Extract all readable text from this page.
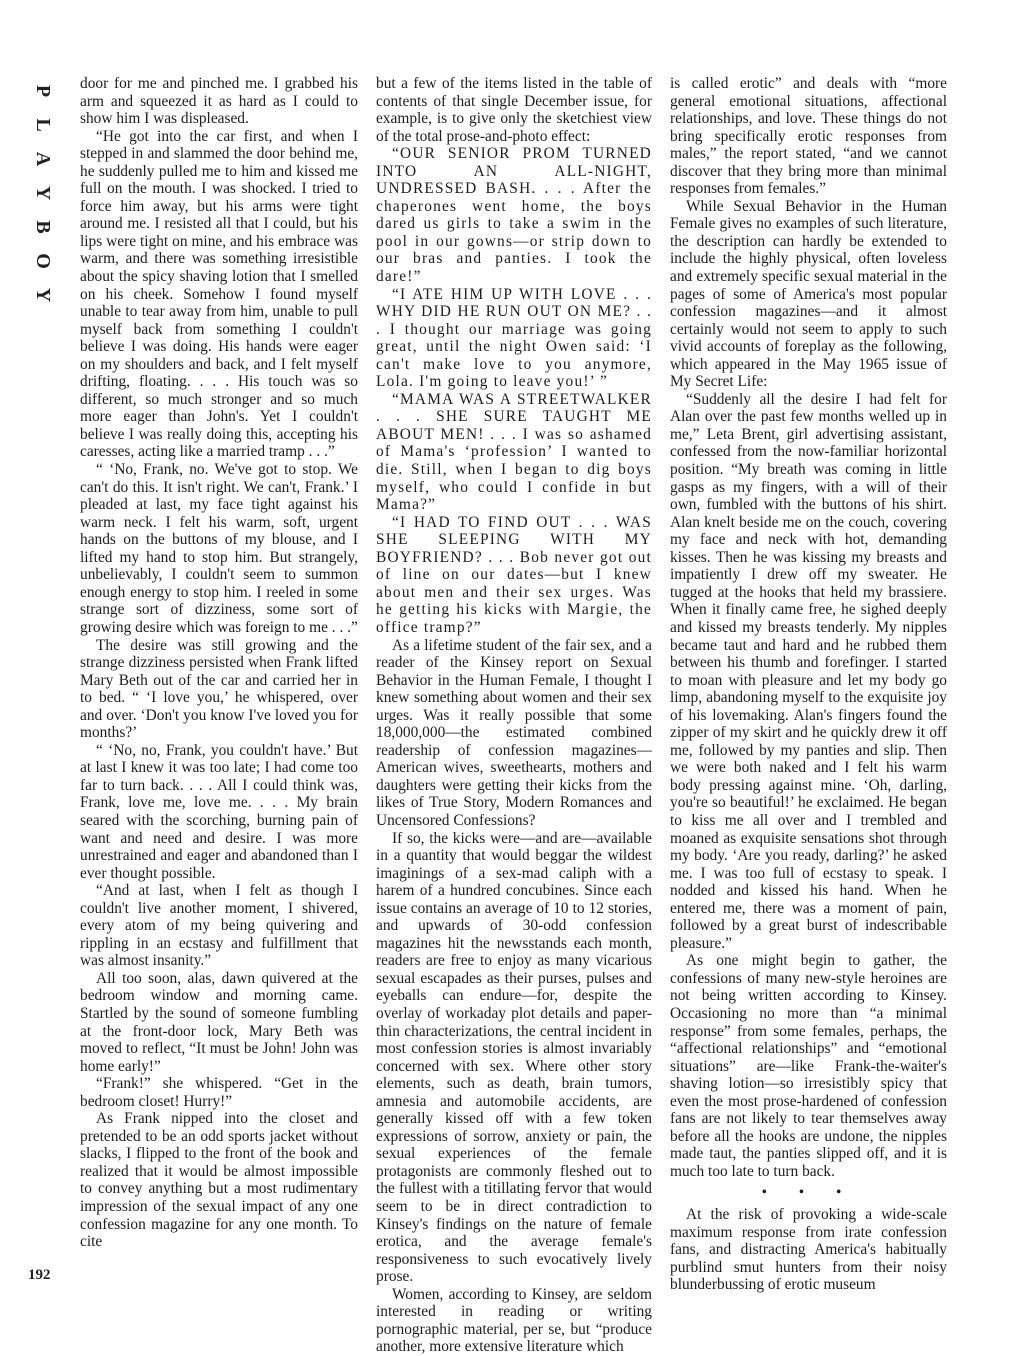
P
L
A
Y
B
O
Y
192

door for me and pinched me. I grabbed his arm and squeezed it as hard as I could to show him I was displeased.

“He got into the car first, and when I stepped in and slammed the door behind me, he suddenly pulled me to him and kissed me full on the mouth. I was shocked. I tried to force him away, but his arms were tight around me. I resisted all that I could, but his lips were tight on mine, and his embrace was warm, and there was something irresistible about the spicy shaving lotion that I smelled on his cheek. Somehow I found myself unable to tear away from him, unable to pull myself back from something I couldn't believe I was doing. His hands were eager on my shoulders and back, and I felt myself drifting, floating. . . . His touch was so different, so much stronger and so much more eager than John's. Yet I couldn't believe I was really doing this, accepting his caresses, acting like a married tramp . . .”

“ ‘No, Frank, no. We've got to stop. We can't do this. It isn't right. We can't, Frank.’ I pleaded at last, my face tight against his warm neck. I felt his warm, soft, urgent hands on the buttons of my blouse, and I lifted my hand to stop him. But strangely, unbelievably, I couldn't seem to summon enough energy to stop him. I reeled in some strange sort of dizziness, some sort of growing desire which was foreign to me . . .”

The desire was still growing and the strange dizziness persisted when Frank lifted Mary Beth out of the car and carried her in to bed. “ ‘I love you,’ he whispered, over and over. ‘Don't you know I've loved you for months?’

“ ‘No, no, Frank, you couldn't have.’ But at last I knew it was too late; I had come too far to turn back. . . . All I could think was, Frank, love me, love me. . . . My brain seared with the scorching, burning pain of want and need and desire. I was more unrestrained and eager and abandoned than I ever thought possible.

“And at last, when I felt as though I couldn't live another moment, I shivered, every atom of my being quivering and rippling in an ecstasy and fulfillment that was almost insanity.”

All too soon, alas, dawn quivered at the bedroom window and morning came. Startled by the sound of someone fumbling at the front-door lock, Mary Beth was moved to reflect, “It must be John! John was home early!”

“Frank!” she whispered. “Get in the bedroom closet! Hurry!”

As Frank nipped into the closet and pretended to be an odd sports jacket without slacks, I flipped to the front of the book and realized that it would be almost impossible to convey anything but a most rudimentary impression of the sexual impact of any one confession magazine for any one month. To cite

but a few of the items listed in the table of contents of that single December issue, for example, is to give only the sketchiest view of the total prose-and-photo effect:

“OUR SENIOR PROM TURNED INTO AN ALL-NIGHT, UNDRESSED BASH. . . . After the chaperones went home, the boys dared us girls to take a swim in the pool in our gowns—or strip down to our bras and panties. I took the dare!”

“I ATE HIM UP WITH LOVE . . . WHY DID HE RUN OUT ON ME? . . . I thought our marriage was going great, until the night Owen said: ‘I can't make love to you anymore, Lola. I'm going to leave you!’ ”

“MAMA WAS A STREETWALKER . . . SHE SURE TAUGHT ME ABOUT MEN! . . . I was so ashamed of Mama's ‘profession’ I wanted to die. Still, when I began to dig boys myself, who could I confide in but Mama?”

“I HAD TO FIND OUT . . . WAS SHE SLEEPING WITH MY BOYFRIEND? . . . Bob never got out of line on our dates—but I knew about men and their sex urges. Was he getting his kicks with Margie, the office tramp?”

As a lifetime student of the fair sex, and a reader of the Kinsey report on Sexual Behavior in the Human Female, I thought I knew something about women and their sex urges. Was it really possible that some 18,000,000—the estimated combined readership of confession magazines—American wives, sweethearts, mothers and daughters were getting their kicks from the likes of True Story, Modern Romances and Uncensored Confessions?

If so, the kicks were—and are—available in a quantity that would beggar the wildest imaginings of a sex-mad caliph with a harem of a hundred concubines. Since each issue contains an average of 10 to 12 stories, and upwards of 30-odd confession magazines hit the newsstands each month, readers are free to enjoy as many vicarious sexual escapades as their purses, pulses and eyeballs can endure—for, despite the overlay of workaday plot details and paper-thin characterizations, the central incident in most confession stories is almost invariably concerned with sex. Where other story elements, such as death, brain tumors, amnesia and automobile accidents, are generally kissed off with a few token expressions of sorrow, anxiety or pain, the sexual experiences of the female protagonists are commonly fleshed out to the fullest with a titillating fervor that would seem to be in direct contradiction to Kinsey's findings on the nature of female erotica, and the average female's responsiveness to such evocatively lively prose.

Women, according to Kinsey, are seldom interested in reading or writing pornographic material, per se, but “produce another, more extensive literature which

is called erotic” and deals with “more general emotional situations, affectional relationships, and love. These things do not bring specifically erotic responses from males,” the report stated, “and we cannot discover that they bring more than minimal responses from females.”

While Sexual Behavior in the Human Female gives no examples of such literature, the description can hardly be extended to include the highly physical, often loveless and extremely specific sexual material in the pages of some of America's most popular confession magazines—and it almost certainly would not seem to apply to such vivid accounts of foreplay as the following, which appeared in the May 1965 issue of My Secret Life:

“Suddenly all the desire I had felt for Alan over the past few months welled up in me,” Leta Brent, girl advertising assistant, confessed from the now-familiar horizontal position. “My breath was coming in little gasps as my fingers, with a will of their own, fumbled with the buttons of his shirt. Alan knelt beside me on the couch, covering my face and neck with hot, demanding kisses. Then he was kissing my breasts and impatiently I drew off my sweater. He tugged at the hooks that held my brassiere. When it finally came free, he sighed deeply and kissed my breasts tenderly. My nipples became taut and hard and he rubbed them between his thumb and forefinger. I started to moan with pleasure and let my body go limp, abandoning myself to the exquisite joy of his lovemaking. Alan's fingers found the zipper of my skirt and he quickly drew it off me, followed by my panties and slip. Then we were both naked and I felt his warm body pressing against mine. ‘Oh, darling, you're so beautiful!’ he exclaimed. He began to kiss me all over and I trembled and moaned as exquisite sensations shot through my body. ‘Are you ready, darling?’ he asked me. I was too full of ecstasy to speak. I nodded and kissed his hand. When he entered me, there was a moment of pain, followed by a great burst of indescribable pleasure.”

As one might begin to gather, the confessions of many new-style heroines are not being written according to Kinsey. Occasioning no more than “a minimal response” from some females, perhaps, the “affectional relationships” and “emotional situations” are—like Frank-the-waiter's shaving lotion—so irresistibly spicy that even the most prose-hardened of confession fans are not likely to tear themselves away before all the hooks are undone, the nipples made taut, the panties slipped off, and it is much too late to turn back.

• • •

At the risk of provoking a wide-scale maximum response from irate confession fans, and distracting America's habitually purblind smut hunters from their noisy blunderbussing of erotic museum
